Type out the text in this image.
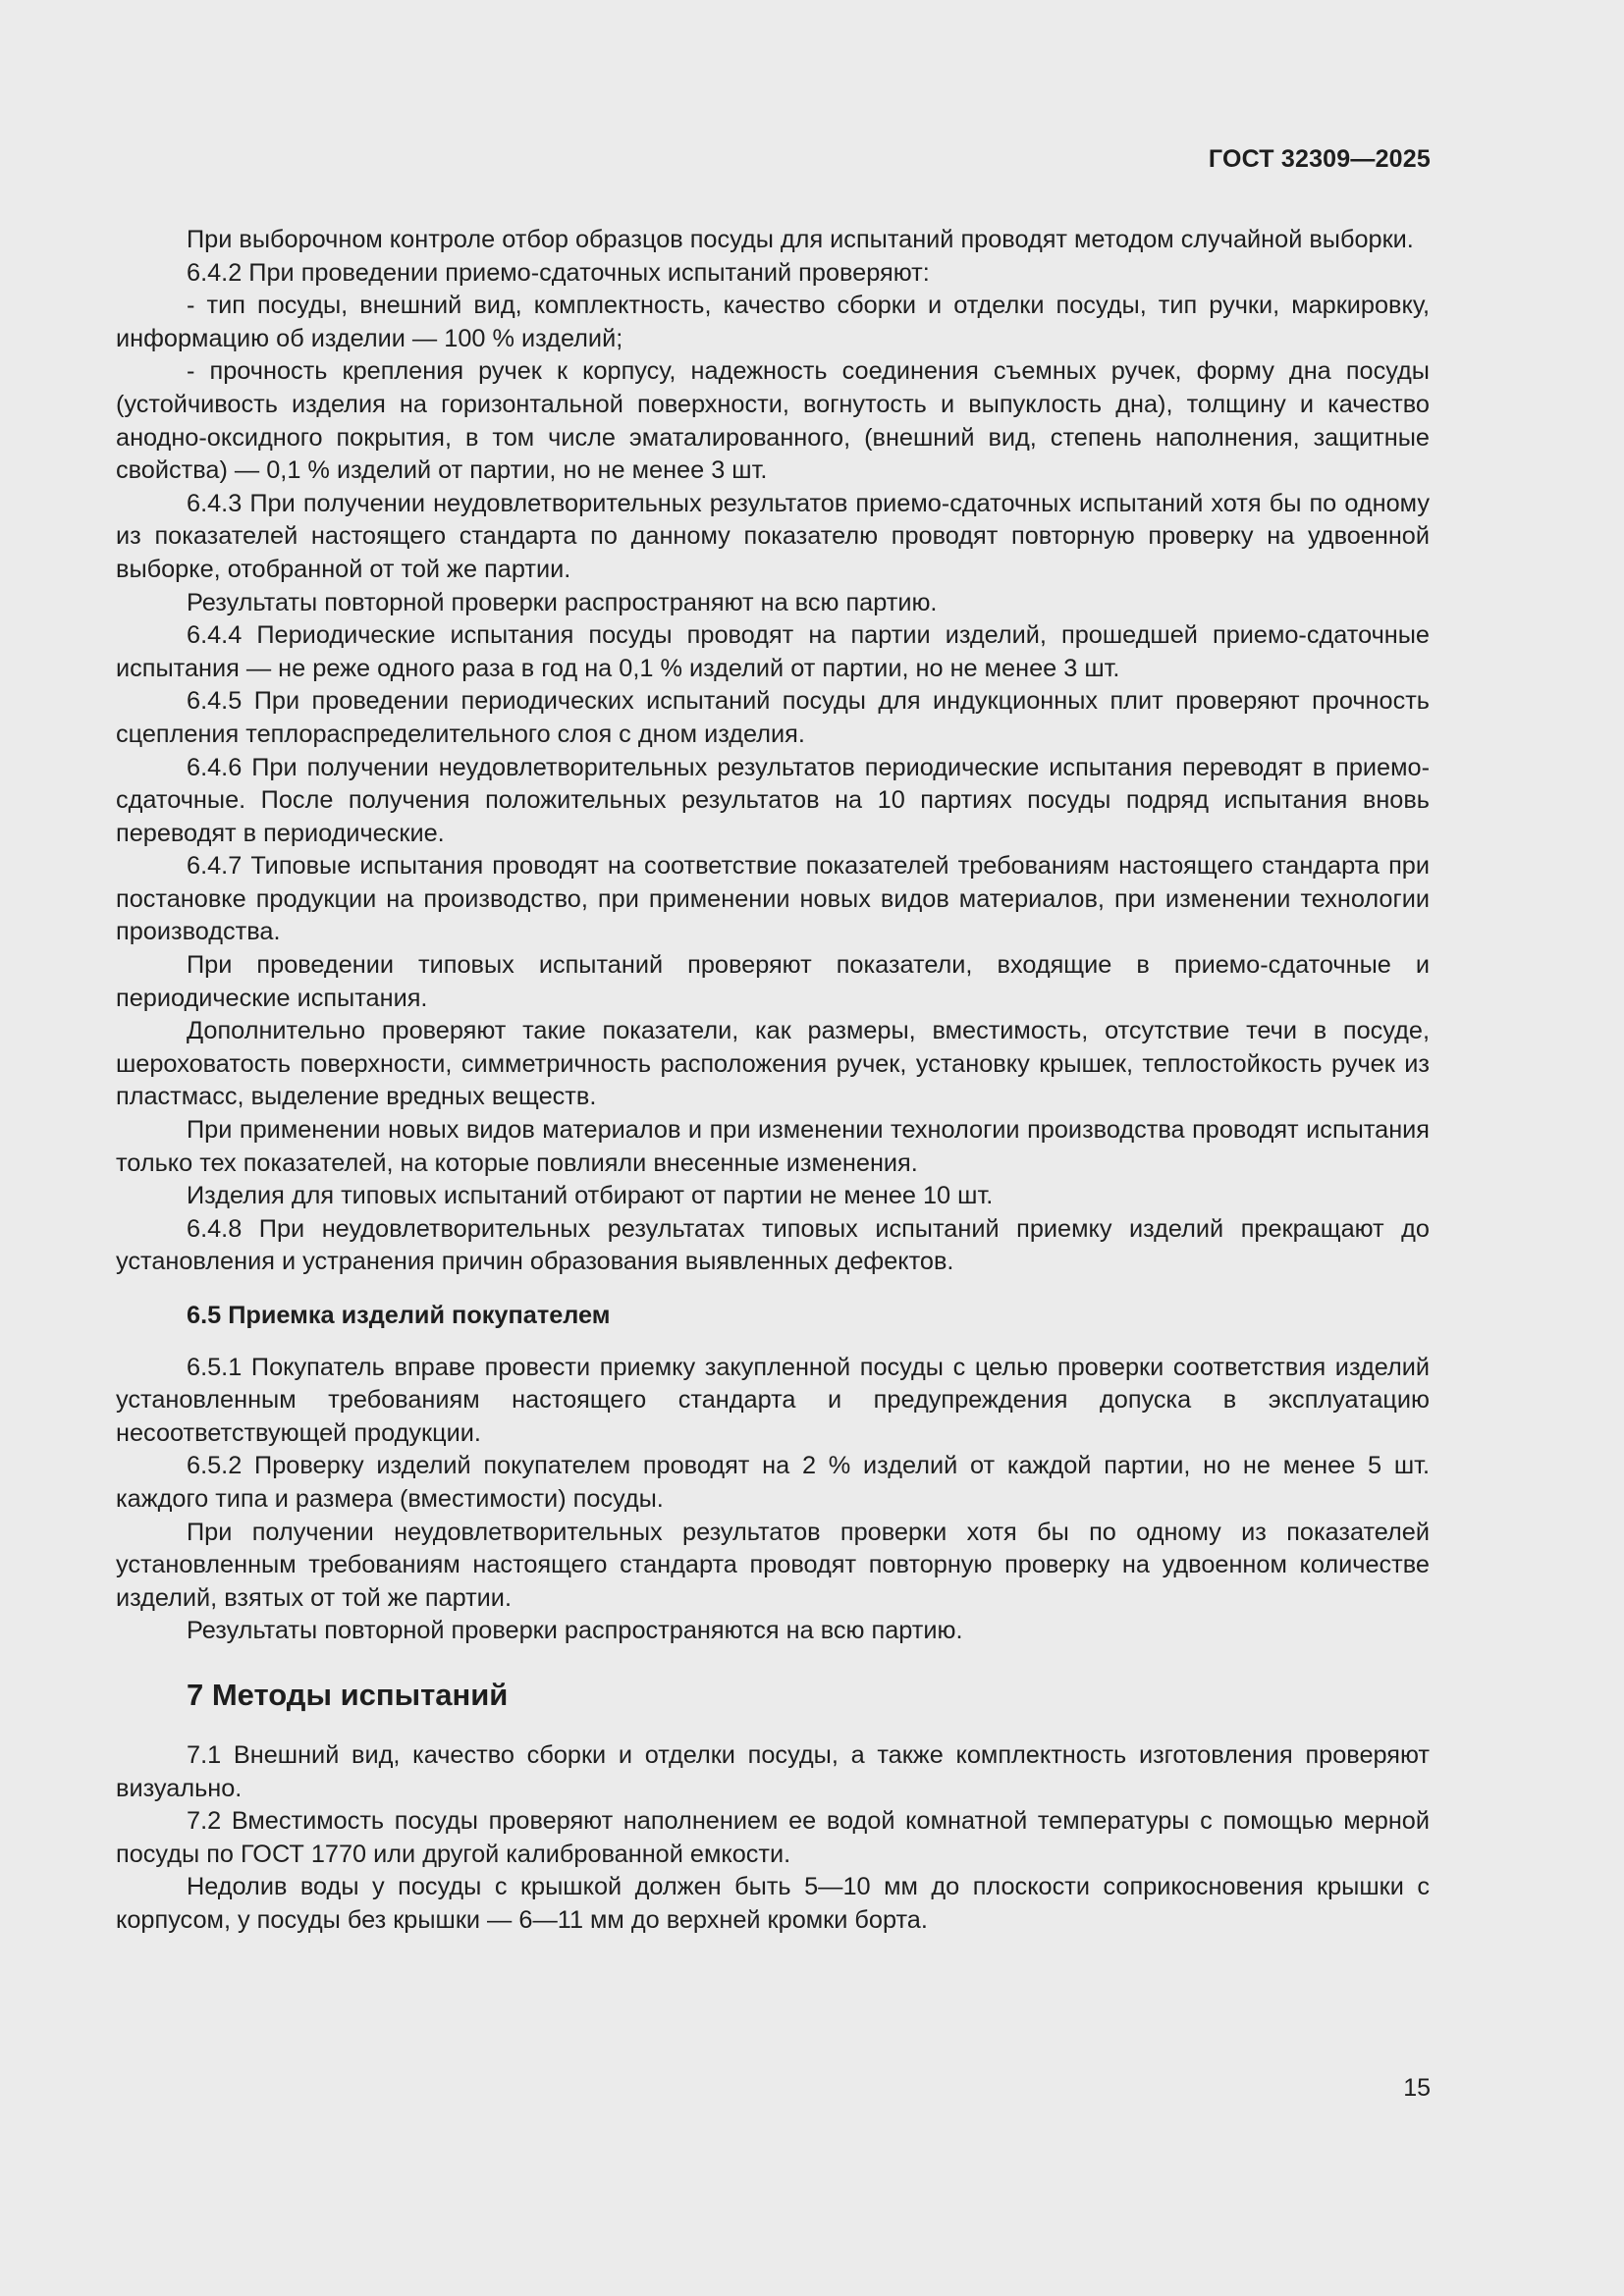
ГОСТ 32309—2025

При выборочном контроле отбор образцов посуды для испытаний проводят методом случайной выборки.

6.4.2 При проведении приемо-сдаточных испытаний проверяют:

- тип посуды, внешний вид, комплектность, качество сборки и отделки посуды, тип ручки, маркировку, информацию об изделии — 100 % изделий;

- прочность крепления ручек к корпусу, надежность соединения съемных ручек, форму дна посуды (устойчивость изделия на горизонтальной поверхности, вогнутость и выпуклость дна), толщину и качество анодно-оксидного покрытия, в том числе эматалированного, (внешний вид, степень наполнения, защитные свойства) — 0,1 % изделий от партии, но не менее 3 шт.

6.4.3 При получении неудовлетворительных результатов приемо-сдаточных испытаний хотя бы по одному из показателей настоящего стандарта по данному показателю проводят повторную проверку на удвоенной выборке, отобранной от той же партии.

Результаты повторной проверки распространяют на всю партию.

6.4.4 Периодические испытания посуды проводят на партии изделий, прошедшей приемо-сдаточные испытания — не реже одного раза в год на 0,1 % изделий от партии, но не менее 3 шт.

6.4.5 При проведении периодических испытаний посуды для индукционных плит проверяют прочность сцепления теплораспределительного слоя с дном изделия.

6.4.6 При получении неудовлетворительных результатов периодические испытания переводят в приемо-сдаточные. После получения положительных результатов на 10 партиях посуды подряд испытания вновь переводят в периодические.

6.4.7 Типовые испытания проводят на соответствие показателей требованиям настоящего стандарта при постановке продукции на производство, при применении новых видов материалов, при изменении технологии производства.

При проведении типовых испытаний проверяют показатели, входящие в приемо-сдаточные и периодические испытания.

Дополнительно проверяют такие показатели, как размеры, вместимость, отсутствие течи в посуде, шероховатость поверхности, симметричность расположения ручек, установку крышек, теплостойкость ручек из пластмасс, выделение вредных веществ.

При применении новых видов материалов и при изменении технологии производства проводят испытания только тех показателей, на которые повлияли внесенные изменения.

Изделия для типовых испытаний отбирают от партии не менее 10 шт.

6.4.8 При неудовлетворительных результатах типовых испытаний приемку изделий прекращают до установления и устранения причин образования выявленных дефектов.

6.5 Приемка изделий покупателем

6.5.1 Покупатель вправе провести приемку закупленной посуды с целью проверки соответствия изделий установленным требованиям настоящего стандарта и предупреждения допуска в эксплуатацию несоответствующей продукции.

6.5.2 Проверку изделий покупателем проводят на 2 % изделий от каждой партии, но не менее 5 шт. каждого типа и размера (вместимости) посуды.

При получении неудовлетворительных результатов проверки хотя бы по одному из показателей установленным требованиям настоящего стандарта проводят повторную проверку на удвоенном количестве изделий, взятых от той же партии.

Результаты повторной проверки распространяются на всю партию.

7 Методы испытаний

7.1 Внешний вид, качество сборки и отделки посуды, а также комплектность изготовления проверяют визуально.

7.2 Вместимость посуды проверяют наполнением ее водой комнатной температуры с помощью мерной посуды по ГОСТ 1770 или другой калиброванной емкости.

Недолив воды у посуды с крышкой должен быть 5—10 мм до плоскости соприкосновения крышки с корпусом, у посуды без крышки — 6—11 мм до верхней кромки борта.

15
